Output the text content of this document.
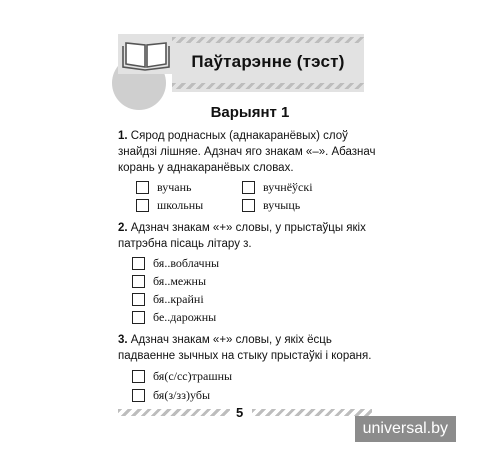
Паўтарэнне (тэст)
Варыянт 1
1. Сярод роднасных (аднакаранёвых) слоў знайдзі лішняе. Адзнач яго знакам «–». Абазнач корань у аднакаранёвых словах.
вучань	вучнёўскі
школьны	вучыць
2. Адзнач знакам «+» словы, у прыстаўцы якіх патрэбна пісаць літару з.
бя..воблачны
бя..межны
бя..крайні
бе..дарожны
3. Адзнач знакам «+» словы, у якіх ёсць падваенне зычных на стыку прыстаўкі і кораня.
бя(с/сс)трашны
бя(з/зз)убы
5
universal.by
